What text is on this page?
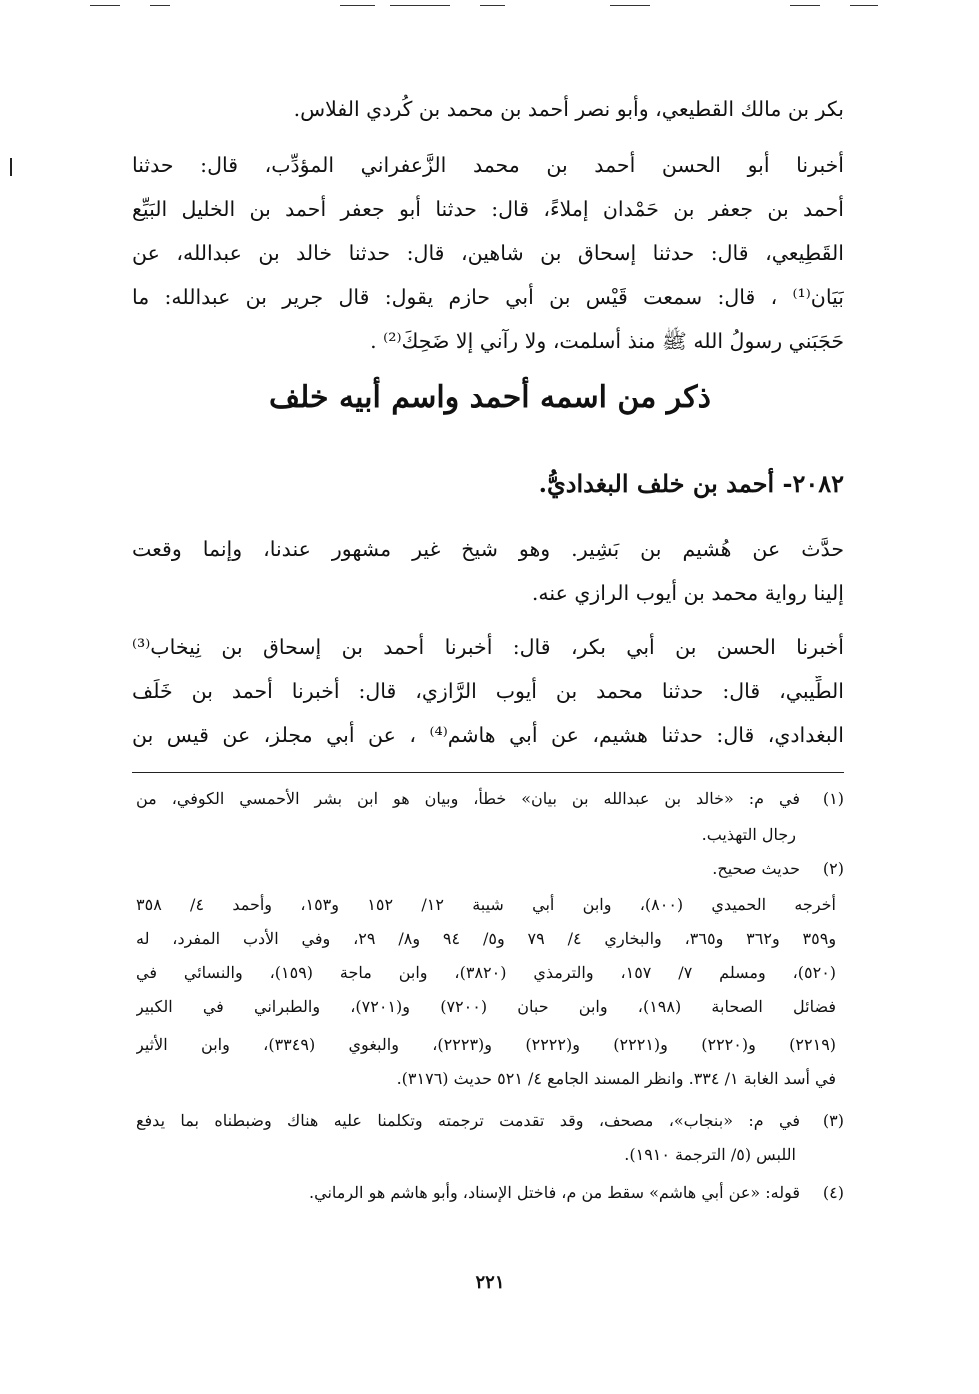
بكر بن مالك القطيعي، وأبو نصر أحمد بن محمد بن كُردي الفلاس.
أخبرنا أبو الحسن أحمد بن محمد الزَّعفراني المؤدِّب، قال: حدثنا
أحمد بن جعفر بن حَمْدان إملاءً، قال: حدثنا أبو جعفر أحمد بن الخليل البَيِّع
القَطِيعي، قال: حدثنا إسحاق بن شاهين، قال: حدثنا خالد بن عبدالله، عن
بَيَان⁽¹⁾ ، قال: سمعت قَيْس بن أبي حازم يقول: قال جرير بن عبدالله: ما
حَجَبَني رسولُ الله ﷺ منذ أسلمت، ولا رآني إلا ضَحِكَ⁽²⁾ .
ذكر من اسمه أحمد واسم أبيه خلف
٢٠٨٢- أحمد بن خلف البغداديُّ.
حدَّث عن هُشيم بن بَشِير. وهو شيخ غير مشهور عندنا، وإنما وقعت
إلينا رواية محمد بن أيوب الرازي عنه.
أخبرنا الحسن بن أبي بكر، قال: أخبرنا أحمد بن إسحاق بن نِيخاب⁽³⁾
الطِّيبي، قال: حدثنا محمد بن أيوب الرَّازي، قال: أخبرنا أحمد بن خَلَف
البغدادي، قال: حدثنا هشيم، عن أبي هاشم⁽⁴⁾ ، عن أبي مجلز، عن قيس بن
(١)في م: «خالد بن عبدالله بن بيان» خطأ، وبيان هو ابن بشر الأحمسي الكوفي، من
رجال التهذيب.
(٢)حديث صحيح.
أخرجه الحميدي (٨٠٠)، وابن أبي شيبة ١٢/ ١٥٢ و١٥٣، وأحمد ٤/ ٣٥٨
و٣٥٩ و٣٦٢ و٣٦٥، والبخاري ٤/ ٧٩ و٥/ ٩٤ و٨/ ٢٩، وفي الأدب المفرد، له
(٥٢٠)، ومسلم ٧/ ١٥٧، والترمذي (٣٨٢٠)، وابن ماجة (١٥٩)، والنسائي في
فضائل الصحابة (١٩٨)، وابن حبان (٧٢٠٠) و(٧٢٠١)، والطبراني في الكبير
(٢٢١٩) و(٢٢٢٠) و(٢٢٢١) و(٢٢٢٢) و(٢٢٢٣)، والبغوي (٣٣٤٩)، وابن الأثير
في أسد الغابة ١/ ٣٣٤. وانظر المسند الجامع ٤/ ٥٢١ حديث (٣١٧٦).
(٣)في م: «بنجاب»، مصحف، وقد تقدمت ترجمته وتكلمنا عليه هناك وضبطناه بما يدفع
اللبس (٥/ الترجمة ١٩١٠).
(٤)قوله: «عن أبي هاشم» سقط من م، فاختل الإسناد، وأبو هاشم هو الرماني.
٢٢١
